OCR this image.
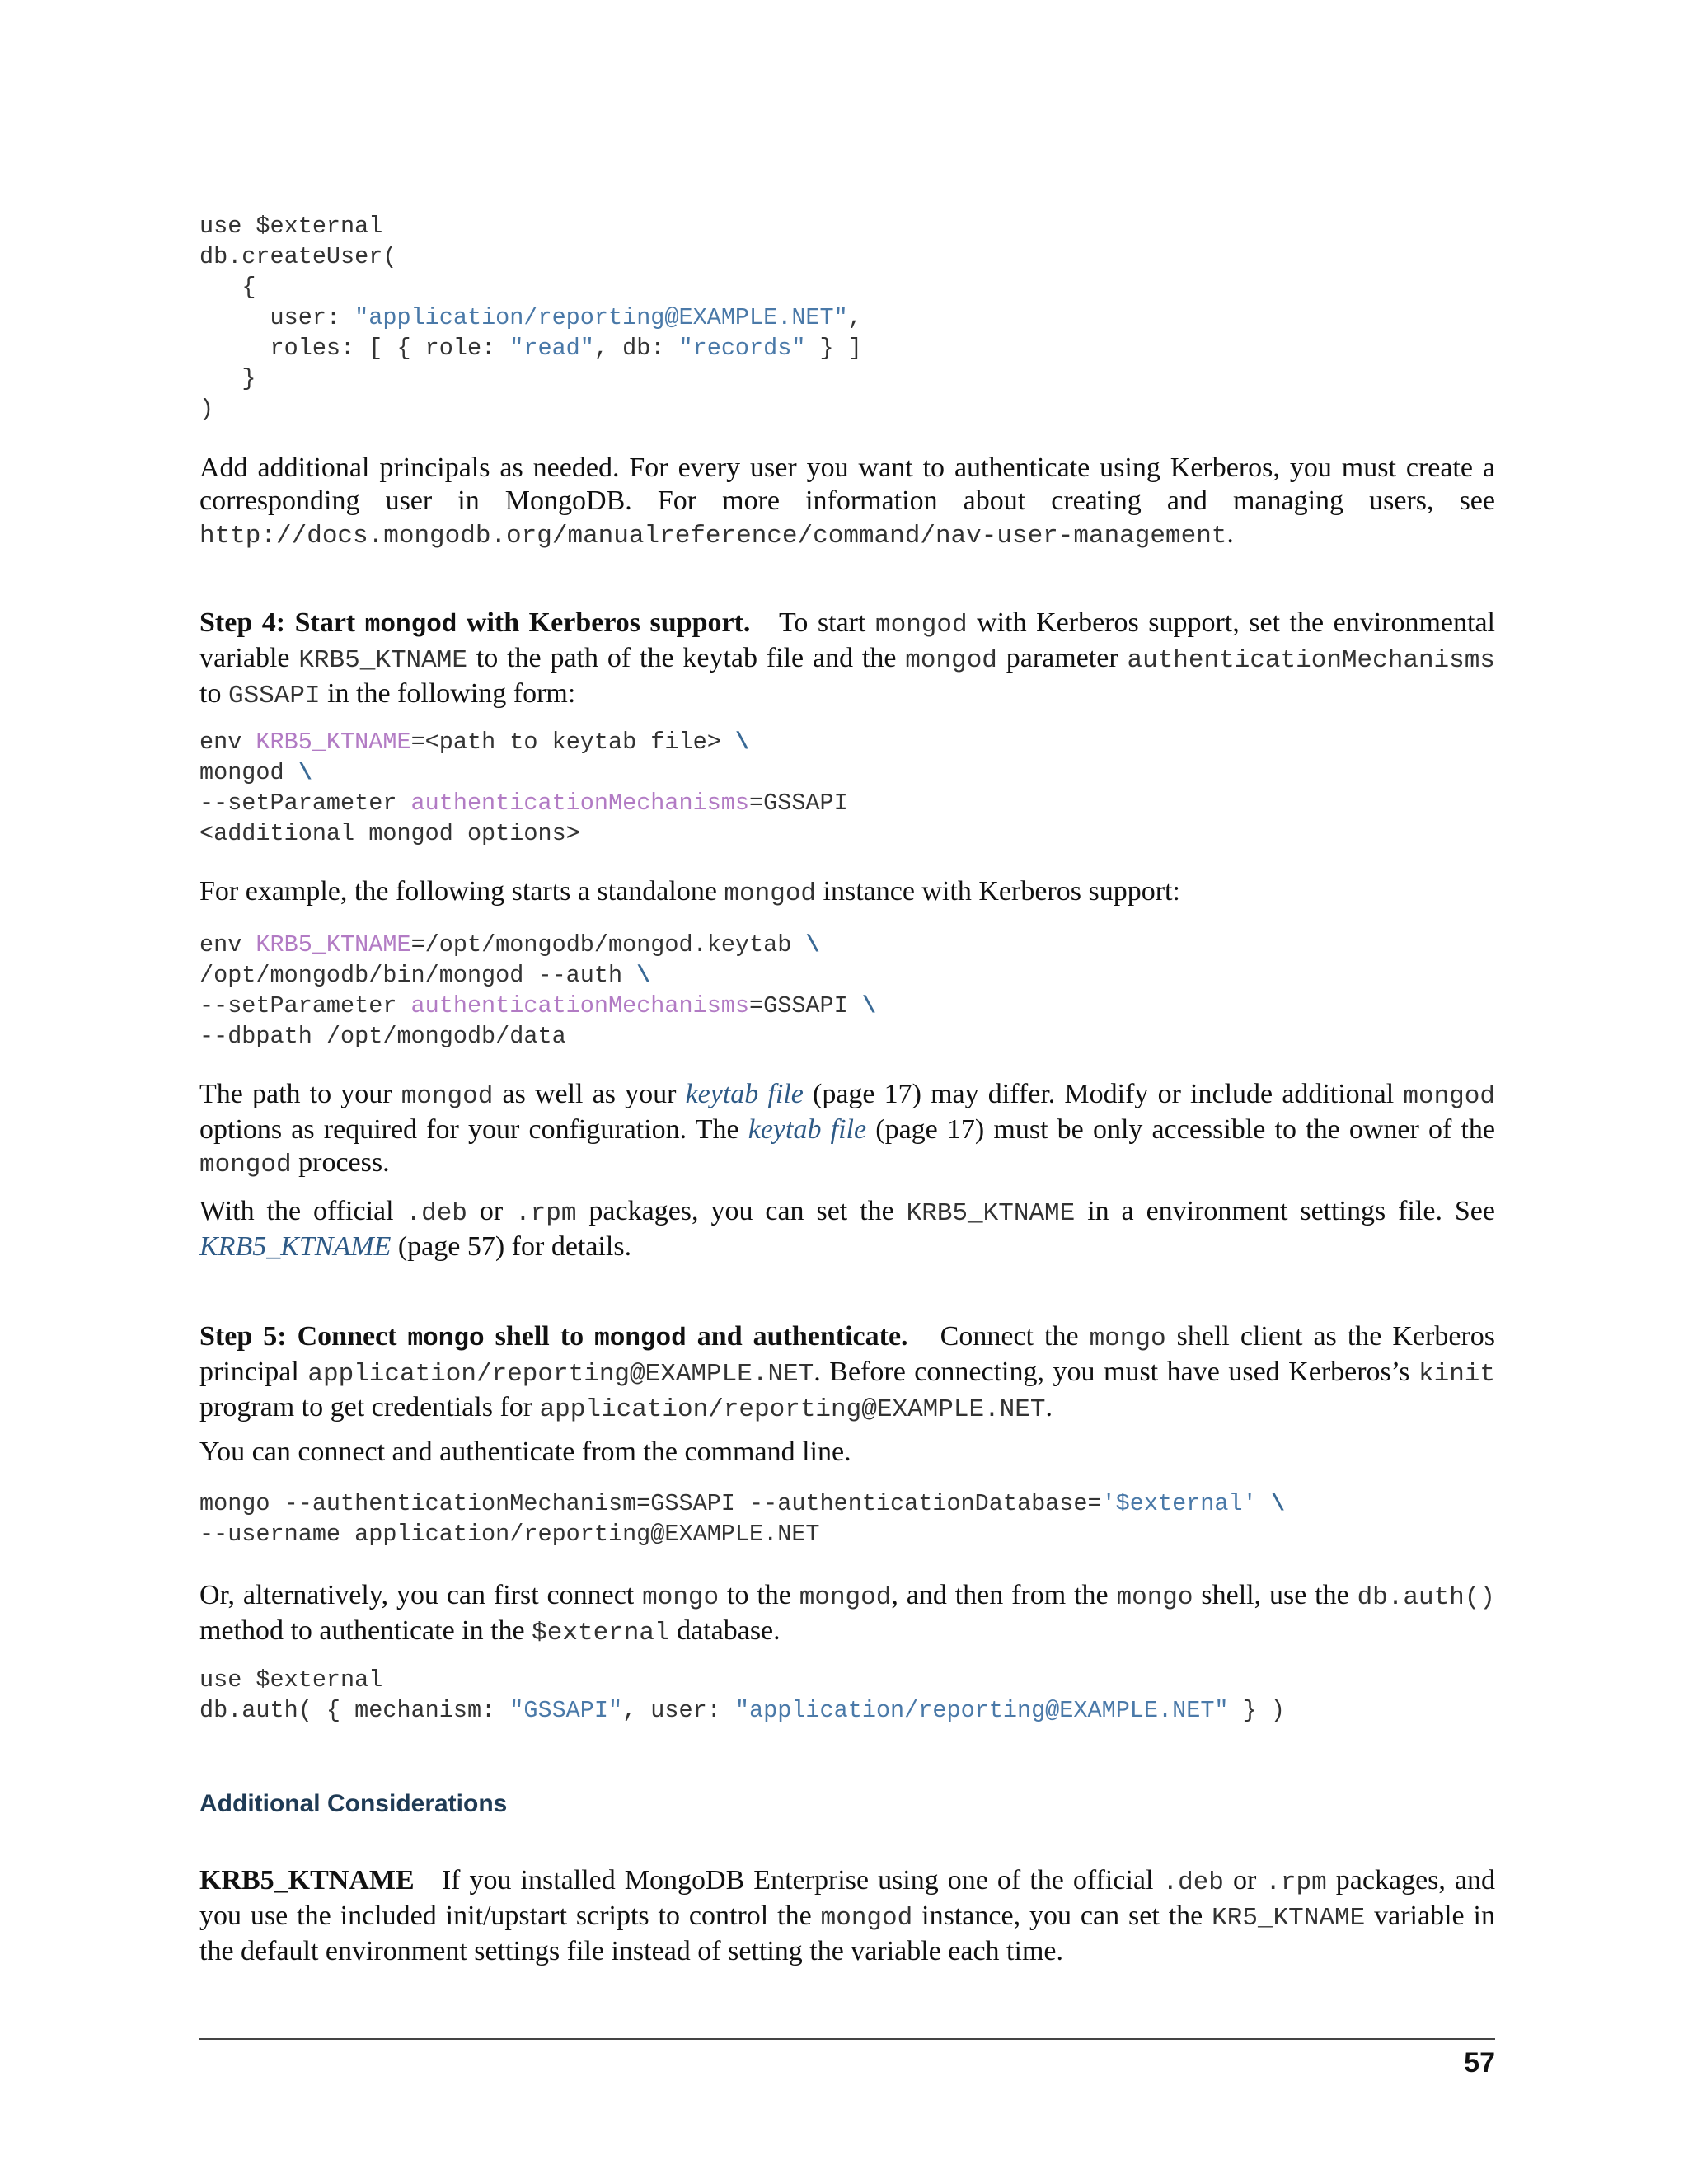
use $external
db.createUser(
{
user: "application/reporting@EXAMPLE.NET",
roles: [ { role: "read", db: "records" } ]
}
)

Add additional principals as needed. For every user you want to authenticate using Kerberos, you must create a corresponding user in MongoDB. For more information about creating and managing users, see http://docs.mongodb.org/manualreference/command/nav-user-management.

Step 4: Start mongod with Kerberos support. To start mongod with Kerberos support, set the environmental variable KRB5_KTNAME to the path of the keytab file and the mongod parameter authenticationMechanisms to GSSAPI in the following form:

env KRB5_KTNAME=<path to keytab file> \
mongod \
--setParameter authenticationMechanisms=GSSAPI
<additional mongod options>

For example, the following starts a standalone mongod instance with Kerberos support:

env KRB5_KTNAME=/opt/mongodb/mongod.keytab \
/opt/mongodb/bin/mongod --auth \
--setParameter authenticationMechanisms=GSSAPI \
--dbpath /opt/mongodb/data

The path to your mongod as well as your keytab file (page 17) may differ. Modify or include additional mongod options as required for your configuration. The keytab file (page 17) must be only accessible to the owner of the mongod process.

With the official .deb or .rpm packages, you can set the KRB5_KTNAME in a environment settings file. See KRB5_KTNAME (page 57) for details.

Step 5: Connect mongo shell to mongod and authenticate. Connect the mongo shell client as the Kerberos principal application/reporting@EXAMPLE.NET. Before connecting, you must have used Kerberos’s kinit program to get credentials for application/reporting@EXAMPLE.NET.

You can connect and authenticate from the command line.

mongo --authenticationMechanism=GSSAPI --authenticationDatabase='$external' \
--username application/reporting@EXAMPLE.NET

Or, alternatively, you can first connect mongo to the mongod, and then from the mongo shell, use the db.auth() method to authenticate in the $external database.

use $external
db.auth( { mechanism: "GSSAPI", user: "application/reporting@EXAMPLE.NET" } )
Additional Considerations

KRB5_KTNAME If you installed MongoDB Enterprise using one of the official .deb or .rpm packages, and you use the included init/upstart scripts to control the mongod instance, you can set the KR5_KTNAME variable in the default environment settings file instead of setting the variable each time.

57
